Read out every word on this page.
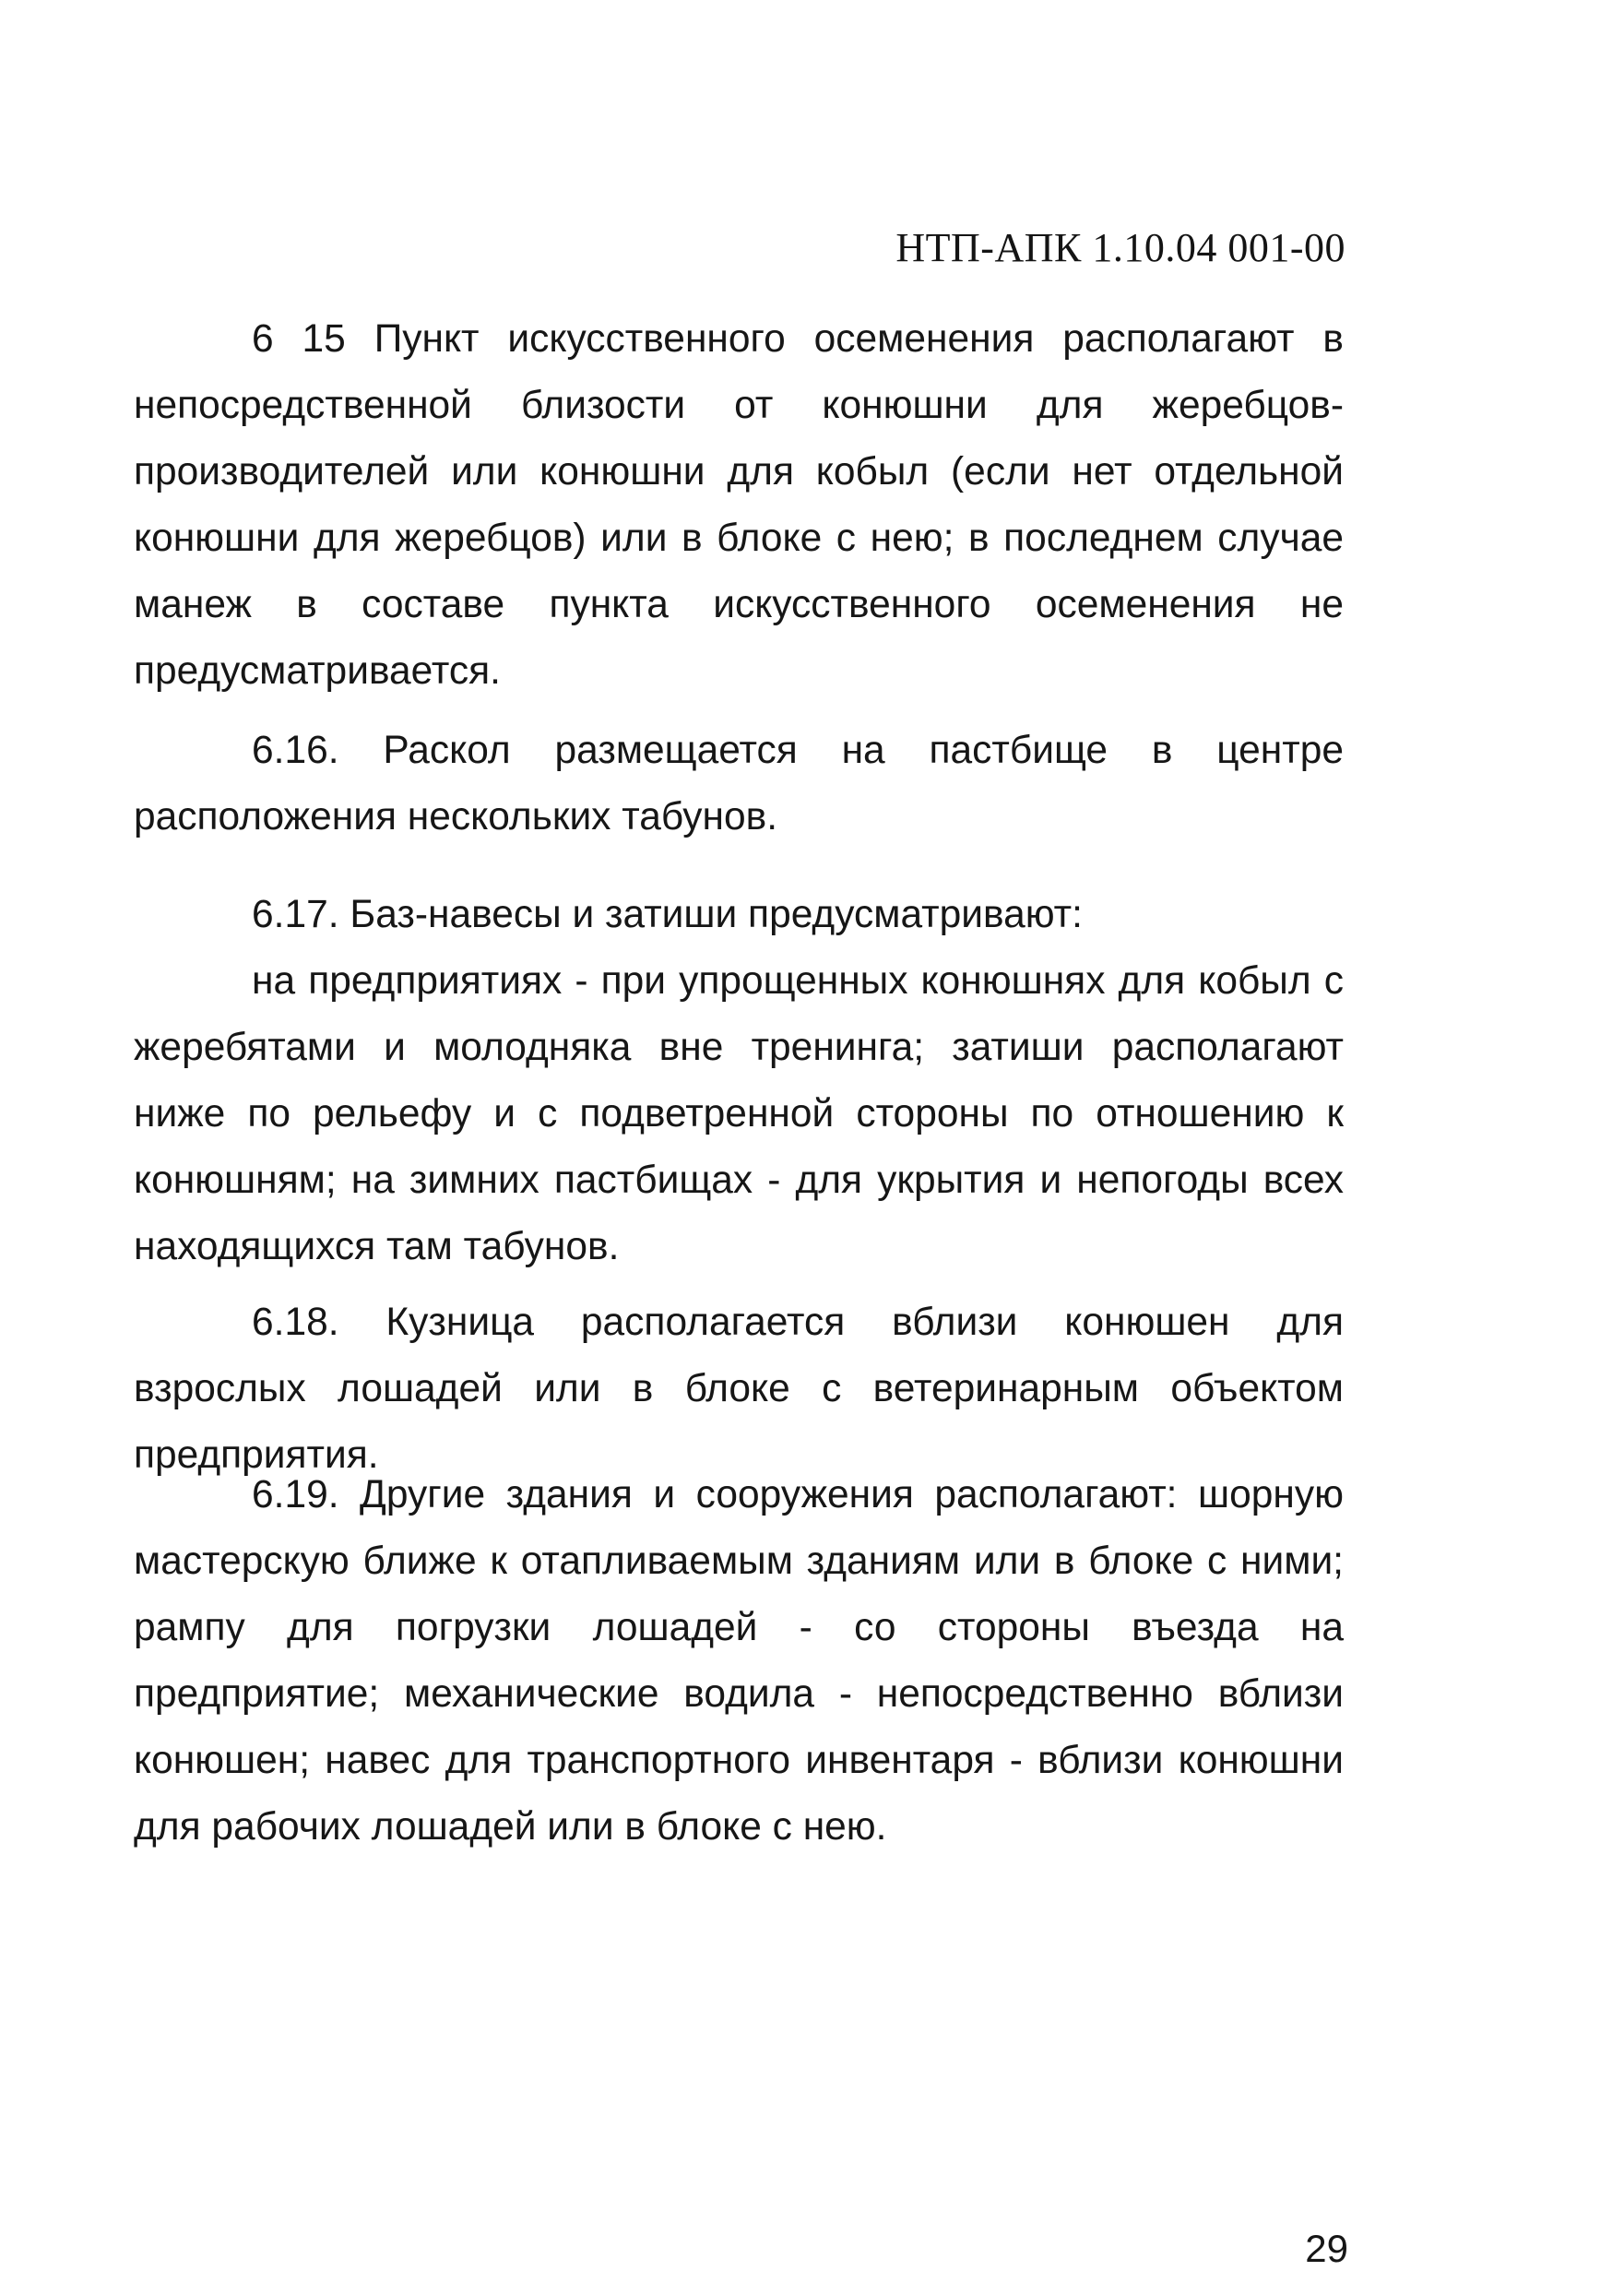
НТП-АПК 1.10.04 001-00

6 15 Пункт искусственного осеменения располагают в непосредственной близости от конюшни для жеребцов-производителей или конюшни для кобыл (если нет отдельной конюшни для жеребцов) или в блоке с нею; в последнем случае манеж в составе пункта искусственного осеменения не предусматривается.

6.16. Раскол размещается на пастбище в центре расположения нескольких табунов.

6.17. Баз-навесы и затиши предусматривают:

на предприятиях - при упрощенных конюшнях для кобыл с жеребятами и молодняка вне тренинга; затиши располагают ниже по рельефу и с подветренной стороны по отношению к конюшням; на зимних пастбищах - для укрытия и непогоды всех находящихся там табунов.

6.18. Кузница располагается вблизи конюшен для взрослых лошадей или в блоке с ветеринарным объектом предприятия.

6.19. Другие здания и сооружения располагают: шорную мастерскую ближе к отапливаемым зданиям или в блоке с ними; рампу для погрузки лошадей - со стороны въезда на предприятие; механические водила - непосредственно вблизи конюшен; навес для транспортного инвентаря - вблизи конюшни для рабочих лошадей или в блоке с нею.

29
